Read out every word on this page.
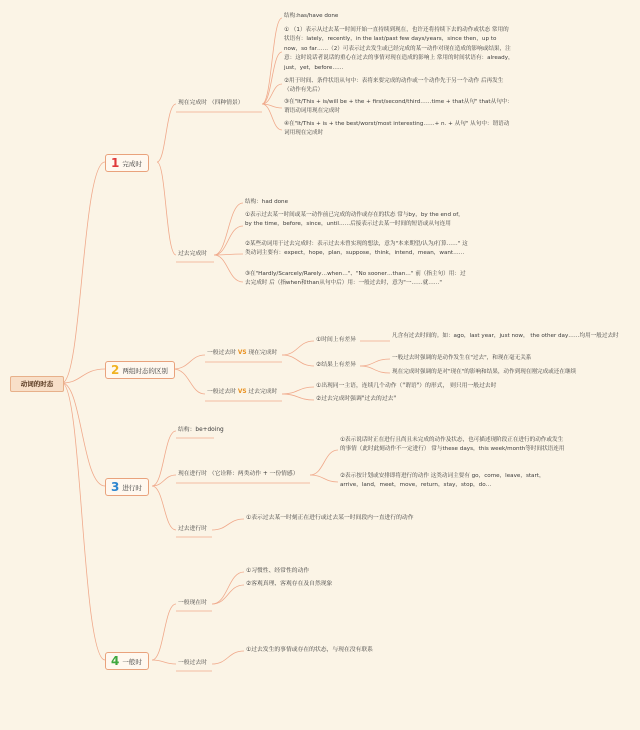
动词的时态
1 完成时
2 两组时态的区别
3 进行时
4 一般时
现在完成时 （四种情景）
结构:has/have done
① （1）表示从过去某一时间开始一直持续到现在，也许还将持续下去的动作或状态 常用的状语有：lately，recently，in the last/past few days/years，since then，up to now，so far……（2）可表示过去发生或已经完成的某一动作对现在造成的影响或结果，注意：这时说话者说话的重心在过去的事情对现在造成的影响上 常用的时间状语有：already，just，yet，before……
②用于时间、条件状语从句中：表将来要完成的动作或一个动作先于另一个动作 后再发生（动作有先后）
③在"It/This + is/will be + the + first/second/third……time + that从句" that从句中：谓语动词用现在完成时
④在"It/This + is + the best/worst/most interesting……+ n. + 从句" 从句中：谓语动词用现在完成时
过去完成时
结构：had done
①表示过去某一时间或某一动作前已完成的动作或存在的状态 常与by，by the end of，by the time，before，since，until……后接表示过去某一时间的短语或从句连用
②某些动词用于过去完成时：表示过去未曾实现的想法，意为"本来期望/认为/打算……" 这类动词主要有：expect，hope，plan，suppose，think，intend，mean，want……
③在"Hardly/Scarcely/Rarely…when…"、"No sooner…than…" 前（指主句）用：过去完成时 后（指when和than从句中后）用：一般过去时，意为"一……就……"
一般过去时 VS 现在完成时
①时间上有差异
凡含有过去时间的。如：ago，last year，just now， the other day……均用一般过去时
②结果上有差异
一般过去时强调的是动作发生在"过去"，和现在毫无关系
现在完成时强调的是对"现在"的影响和结果，动作到现在刚完成或还在继续
一般过去时 VS 过去完成时
①出现同一主语，连续几个动作（"谓语"）的形式， 则只用一般过去时
②过去完成时强调"过去的过去"
结构：be+doing
现在进行时 （它诠释：两类动作 + 一份情感）
①表示说话时正在进行且尚且未完成的动作及状态，也可描述现阶段正在进行的动作或发生的事情（此时此刻动作不一定进行） 常与these days，this week/month等时间状语连用
②表示按计划或安排即将进行的动作 这类动词主要有 go，come，leave，start，arrive，land，meet，move，return，stay，stop，do…
过去进行时
①表示过去某一时刻正在进行或过去某一时间段内一直进行的动作
一般现在时
①习惯性、经常性的动作
②客观真理、客观存在及自然现象
一般过去时
①过去发生的事情或存在的状态，与现在没有联系
